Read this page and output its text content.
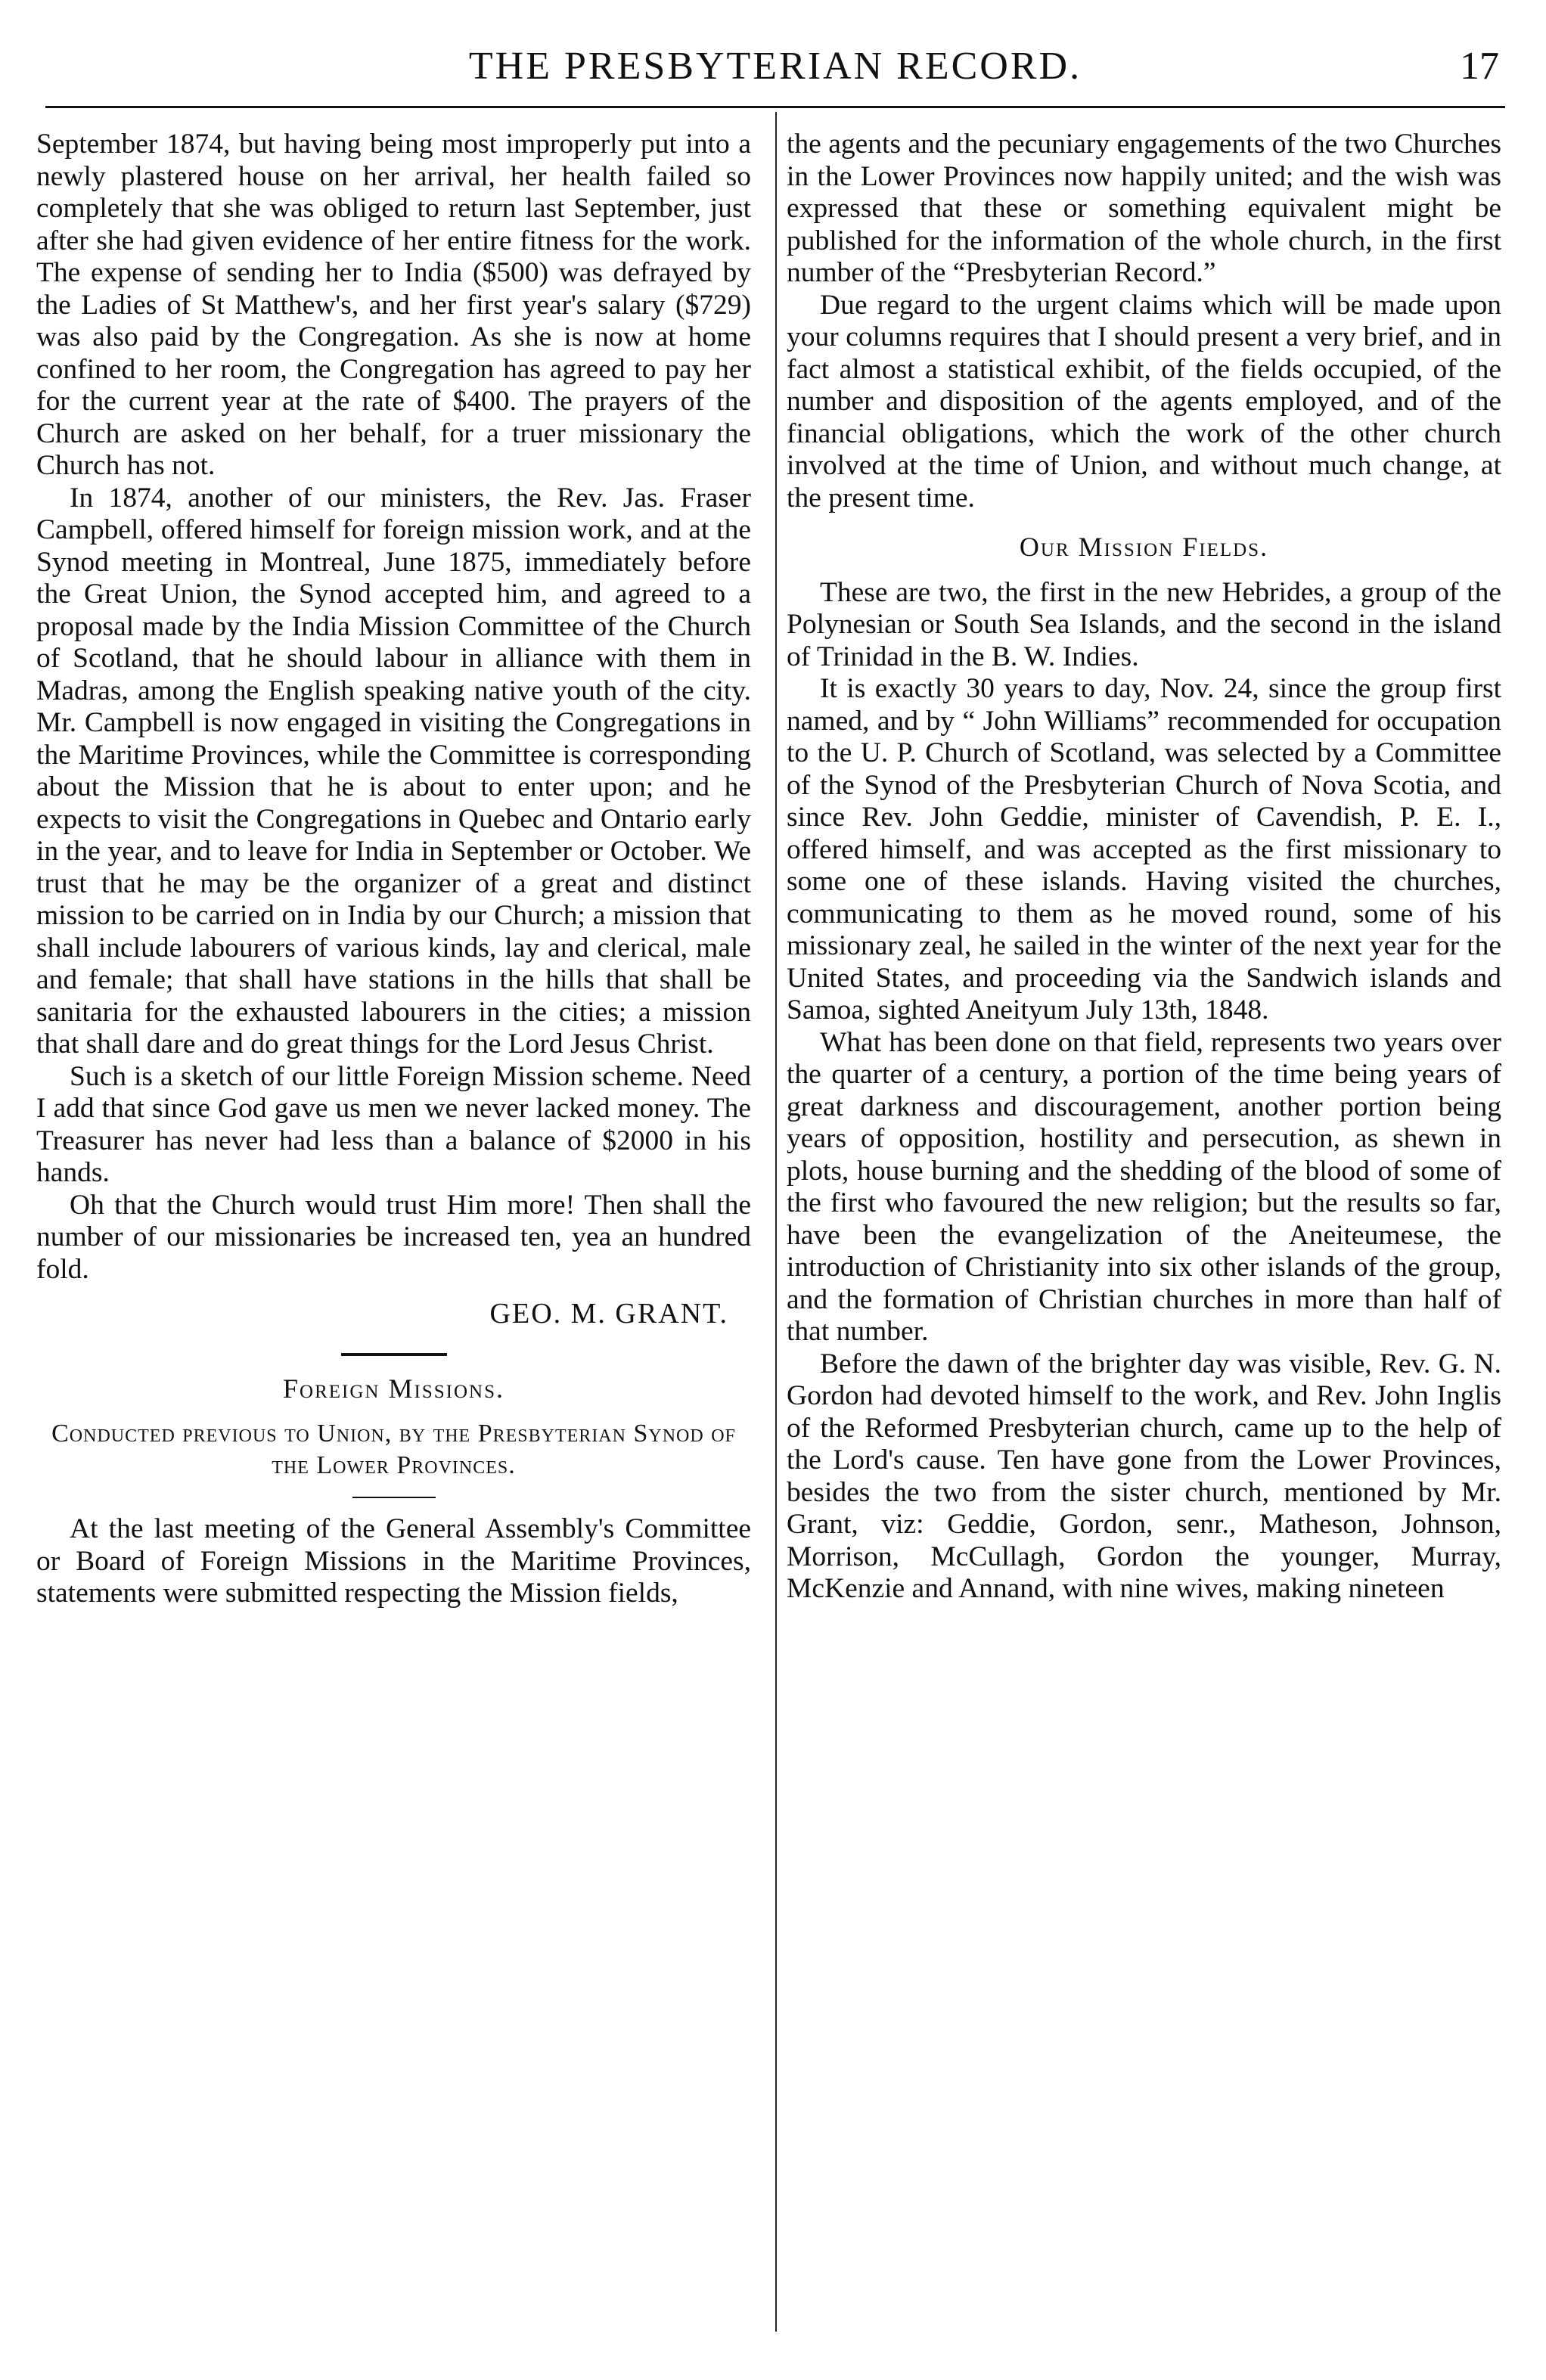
THE PRESBYTERIAN RECORD.	17

September 1874, but having being most improperly put into a newly plastered house on her arrival, her health failed so completely that she was obliged to return last September, just after she had given evidence of her entire fitness for the work. The expense of sending her to India ($500) was defrayed by the Ladies of St Matthew's, and her first year's salary ($729) was also paid by the Congregation. As she is now at home confined to her room, the Congregation has agreed to pay her for the current year at the rate of $400. The prayers of the Church are asked on her behalf, for a truer missionary the Church has not.

In 1874, another of our ministers, the Rev. Jas. Fraser Campbell, offered himself for foreign mission work, and at the Synod meeting in Montreal, June 1875, immediately before the Great Union, the Synod accepted him, and agreed to a proposal made by the India Mission Committee of the Church of Scotland, that he should labour in alliance with them in Madras, among the English speaking native youth of the city. Mr. Campbell is now engaged in visiting the Congregations in the Maritime Provinces, while the Committee is corresponding about the Mission that he is about to enter upon; and he expects to visit the Congregations in Quebec and Ontario early in the year, and to leave for India in September or October. We trust that he may be the organizer of a great and distinct mission to be carried on in India by our Church; a mission that shall include labourers of various kinds, lay and clerical, male and female; that shall have stations in the hills that shall be sanitaria for the exhausted labourers in the cities; a mission that shall dare and do great things for the Lord Jesus Christ.

Such is a sketch of our little Foreign Mission scheme. Need I add that since God gave us men we never lacked money. The Treasurer has never had less than a balance of $2000 in his hands.

Oh that the Church would trust Him more! Then shall the number of our missionaries be increased ten, yea an hundred fold.

GEO. M. GRANT.
Foreign Missions.
Conducted previous to Union, by the Presbyterian Synod of the Lower Provinces.

At the last meeting of the General Assembly's Committee or Board of Foreign Missions in the Maritime Provinces, statements were submitted respecting the Mission fields,

the agents and the pecuniary engagements of the two Churches in the Lower Provinces now happily united; and the wish was expressed that these or something equivalent might be published for the information of the whole church, in the first number of the “Presbyterian Record.”

Due regard to the urgent claims which will be made upon your columns requires that I should present a very brief, and in fact almost a statistical exhibit, of the fields occupied, of the number and disposition of the agents employed, and of the financial obligations, which the work of the other church involved at the time of Union, and without much change, at the present time.

Our Mission Fields.

These are two, the first in the new Hebrides, a group of the Polynesian or South Sea Islands, and the second in the island of Trinidad in the B. W. Indies.

It is exactly 30 years to day, Nov. 24, since the group first named, and by “ John Williams” recommended for occupation to the U. P. Church of Scotland, was selected by a Committee of the Synod of the Presbyterian Church of Nova Scotia, and since Rev. John Geddie, minister of Cavendish, P. E. I., offered himself, and was accepted as the first missionary to some one of these islands. Having visited the churches, communicating to them as he moved round, some of his missionary zeal, he sailed in the winter of the next year for the United States, and proceeding via the Sandwich islands and Samoa, sighted Aneityum July 13th, 1848.

What has been done on that field, represents two years over the quarter of a century, a portion of the time being years of great darkness and discouragement, another portion being years of opposition, hostility and persecution, as shewn in plots, house burning and the shedding of the blood of some of the first who favoured the new religion; but the results so far, have been the evangelization of the Aneiteumese, the introduction of Christianity into six other islands of the group, and the formation of Christian churches in more than half of that number.

Before the dawn of the brighter day was visible, Rev. G. N. Gordon had devoted himself to the work, and Rev. John Inglis of the Reformed Presbyterian church, came up to the help of the Lord's cause. Ten have gone from the Lower Provinces, besides the two from the sister church, mentioned by Mr. Grant, viz: Geddie, Gordon, senr., Matheson, Johnson, Morrison, McCullagh, Gordon the younger, Murray, McKenzie and Annand, with nine wives, making nineteen
